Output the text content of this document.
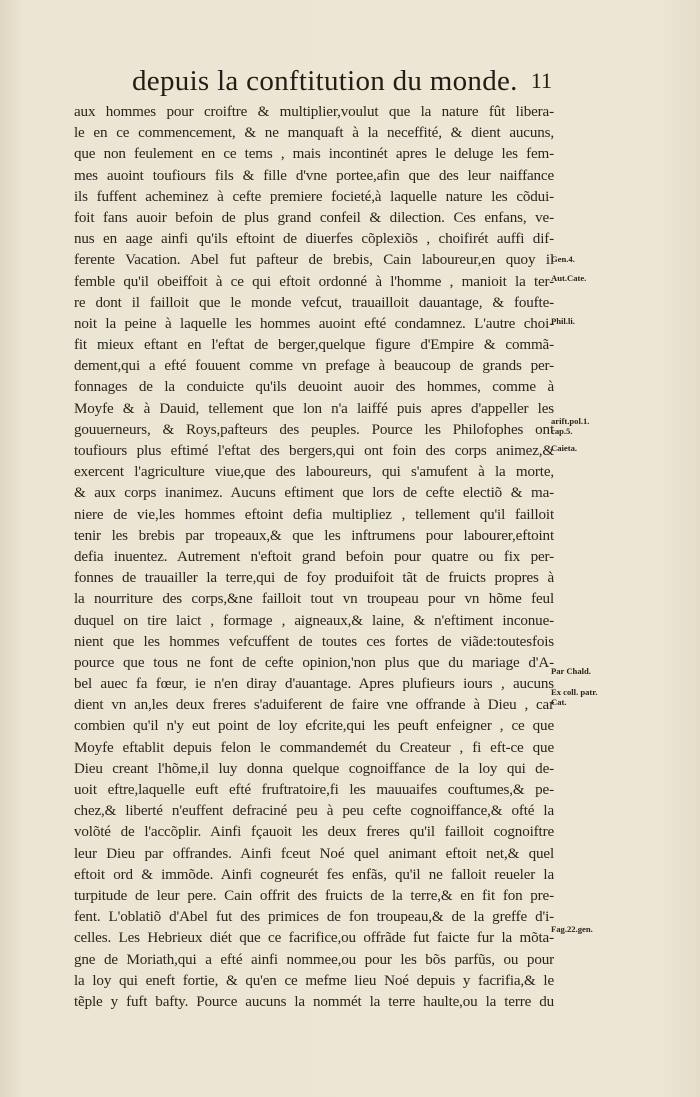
depuis la conftitution du monde. 11
aux hommes pour croiftre & multiplier,voulut que la nature fût libera-
le en ce commencement, & ne manquaft à la neceffité, & dient aucuns,
que non feulement en ce tems , mais incontinét apres le deluge les fem-
mes auoint toufiours fils & fille d'vne portee,afin que des leur naiffance
ils fuffent acheminez à cefte premiere focieté,à laquelle nature les cõdui-
foit fans auoir befoin de plus grand confeil & dilection. Ces enfans, ve-
nus en aage ainfi qu'ils eftoint de diuerfes cõplexiõs , choifirét auffi dif-
ferente Vacation. Abel fut pafteur de brebis, Cain laboureur,en quoy il
femble qu'il obeiffoit à ce qui eftoit ordonné à l'homme , manioit la ter-
re dont il failloit que le monde vefcut, trauailloit dauantage, & foufte-
noit la peine à laquelle les hommes auoint efté condamnez. L'autre choi-
fit mieux eftant en l'eftat de berger,quelque figure d'Empire & commã-
dement,qui a efté fouuent comme vn prefage à beaucoup de grands per-
fonnages de la conduicte qu'ils deuoint auoir des hommes, comme à
Moyfe & à Dauid, tellement que lon n'a laiffé puis apres d'appeller les
gouuerneurs, & Roys,pafteurs des peuples. Pource les Philofophes ont
toufiours plus eftimé l'eftat des bergers,qui ont foin des corps animez,&
exercent l'agriculture viue,que des laboureurs, qui s'amufent à la morte,
& aux corps inanimez. Aucuns eftiment que lors de cefte electiõ & ma-
niere de vie,les hommes eftoint defia multipliez , tellement qu'il failloit
tenir les brebis par tropeaux,& que les inftrumens pour labourer,eftoint
defia inuentez. Autrement n'eftoit grand befoin pour quatre ou fix per-
fonnes de trauailler la terre,qui de foy produifoit tãt de fruicts propres à
la nourriture des corps,&ne failloit tout vn troupeau pour vn hõme feul
duquel on tire laict , formage , aigneaux,& laine, & n'eftiment inconue-
nient que les hommes vefcuffent de toutes ces fortes de viãde:toutesfois
pource que tous ne font de cefte opinion,'non plus que du mariage d'A-
bel auec fa fœur, ie n'en diray d'auantage. Apres plufieurs iours , aucuns
dient vn an,les deux freres s'aduiferent de faire vne offrande à Dieu , car
combien qu'il n'y eut point de loy efcrite,qui les peuft enfeigner , ce que
Moyfe eftablit depuis felon le commandemét du Createur , fi eft-ce que
Dieu creant l'hõme,il luy donna quelque cognoiffance de la loy qui de-
uoit eftre,laquelle euft efté fruftratoire,fi les mauuaifes couftumes,& pe-
chez,& liberté n'euffent defraciné peu à peu cefte cognoiffance,& ofté la
volõté de l'accõplir. Ainfi fçauoit les deux freres qu'il failloit cognoiftre
leur Dieu par offrandes. Ainfi fceut Noé quel animant eftoit net,& quel
eftoit ord & immõde. Ainfi cogneurét fes enfãs, qu'il ne falloit reueler la
turpitude de leur pere. Cain offrit des fruicts de la terre,& en fit fon pre-
fent. L'oblatiõ d'Abel fut des primices de fon troupeau,& de la greffe d'i-
celles. Les Hebrieux diét que ce facrifice,ou offrãde fut faicte fur la mõta-
gne de Moriath,qui a efté ainfi nommee,ou pour les bõs parfũs, ou pour
la loy qui eneft fortie, & qu'en ce mefme lieu Noé depuis y facrifia,& le
tẽple y fuft bafty. Pource aucuns la nommét la terre haulte,ou la terre du
Gen.4.
Aut.Cate.
Phil.li.
arift.pol.1.
cap.5.
Caieta.
Par Chald.
Ex coll. patr.
Cat.
Fag.22.gen.
